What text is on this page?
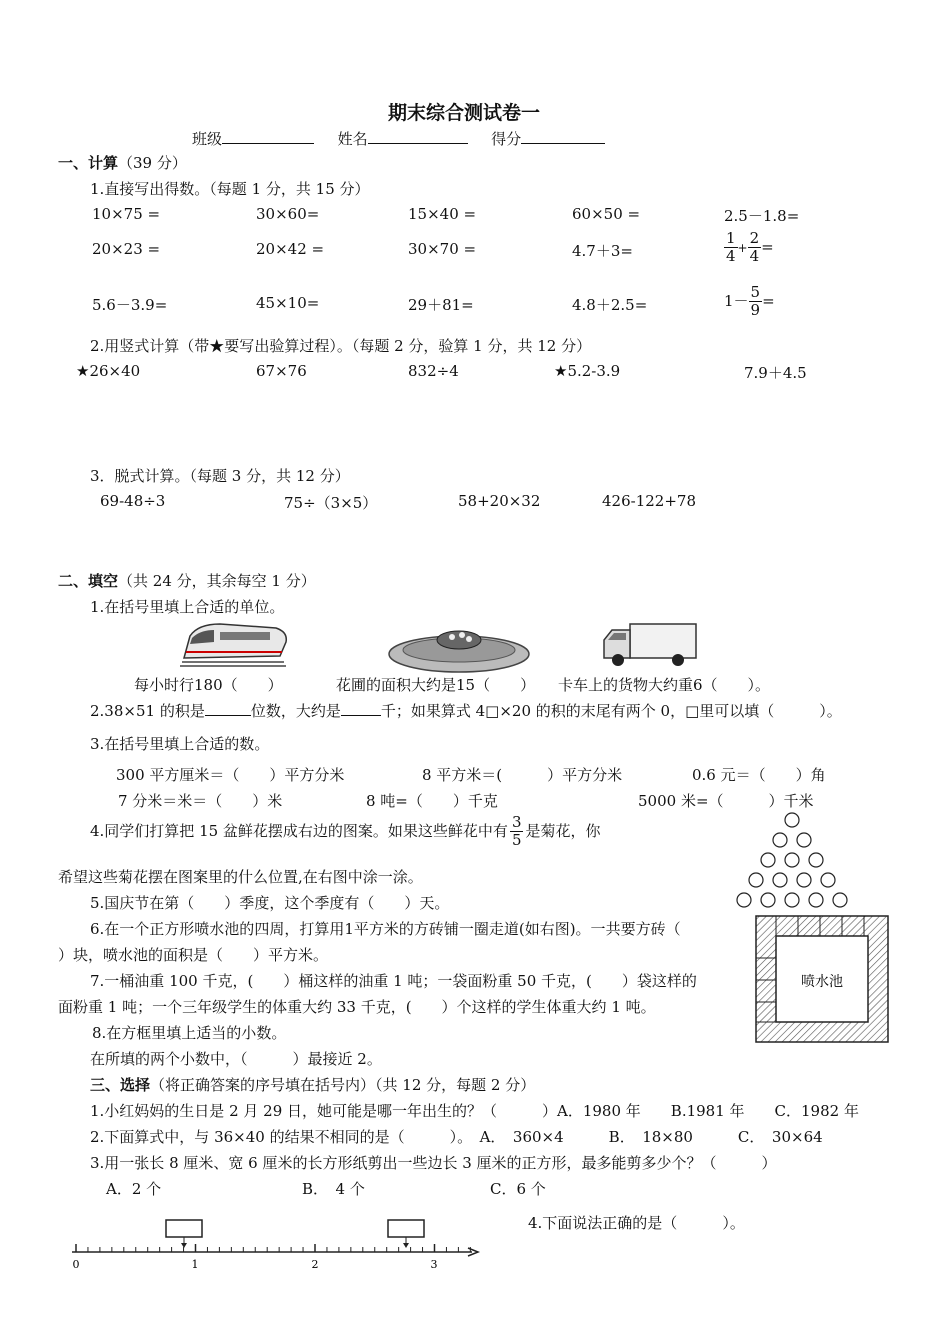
期末综合测试卷一
班级	姓名	得分
一、计算（39 分）
1.直接写出得数。（每题 1 分，共 15 分）
10×75 =	30×60=	15×40 =	60×50 =	2.5－1.8=
20×23 =	20×42 =	30×70 =	4.7＋3=	$\frac{1}{4} + \frac{2}{4}$ =
5.6－3.9=	45×10=	29＋81=	4.8＋2.5=	$1- \frac{5}{9}$ =
2.用竖式计算（带★要写出验算过程）。（每题 2 分，验算 1 分，共 12 分）
★26×40	67×76	832÷4	★5.2-3.9	7.9＋4.5
3．脱式计算。（每题 3 分，共 12 分）
69-48÷3	75÷（3×5）	58+20×32	426-122+78
二、填空（共 24 分，其余每空 1 分）
1.在括号里填上合适的单位。
每小时行180（　　）	花圃的面积大约是15（　　） 卡车上的货物大约重6（　　）。
2.38×51 的积是	位数，大约是	千；如果算式 4□×20 的积的末尾有两个 0，□里可以填（　　　）。
3.在括号里填上合适的数。
300 平方厘米＝（　　）平方分米	8 平方米＝(　　　）平方分米	0.6 元＝（　　）角
7 分米＝米＝（　　）米	8 吨=（　　）千克	5000 米=（　　　）千米
4.同学们打算把 15 盆鲜花摆成右边的图案。如果这些鲜花中有 $\frac{3}{5}$ 是菊花，你
希望这些菊花摆在图案里的什么位置,在右图中涂一涂。
5.国庆节在第（　　）季度，这个季度有（　　）天。
6.在一个正方形喷水池的四周，打算用1平方米的方砖铺一圈走道(如右图)。一共要方砖（
）块，喷水池的面积是（　　）平方米。
喷水池
7.一桶油重 100 千克，(　　）桶这样的油重 1 吨；一袋面粉重 50 千克，(　　）袋这样的
面粉重 1 吨；一个三年级学生的体重大约 33 千克，(　　）个这样的学生体重大约 1 吨。
8.在方框里填上适当的小数。
在所填的两个小数中，（　　　）最接近 2。
三、选择（将正确答案的序号填在括号内）（共 12 分，每题 2 分）
1.小红妈妈的生日是 2 月 29 日，她可能是哪一年出生的？（　　　）A．1980 年　　B.1981 年　　C．1982 年
2.下面算式中，与 36×40 的结果不相同的是（　　　）。　A．　360×4　　　B．　18×80　　　C．　30×64
3.用一张长 8 厘米、宽 6 厘米的长方形纸剪出一些边长 3 厘米的正方形，最多能剪多少个？（　　　）
A．2 个	B．　4 个	C．6 个
4.下面说法正确的是（　　　）。
0	1	2	3
